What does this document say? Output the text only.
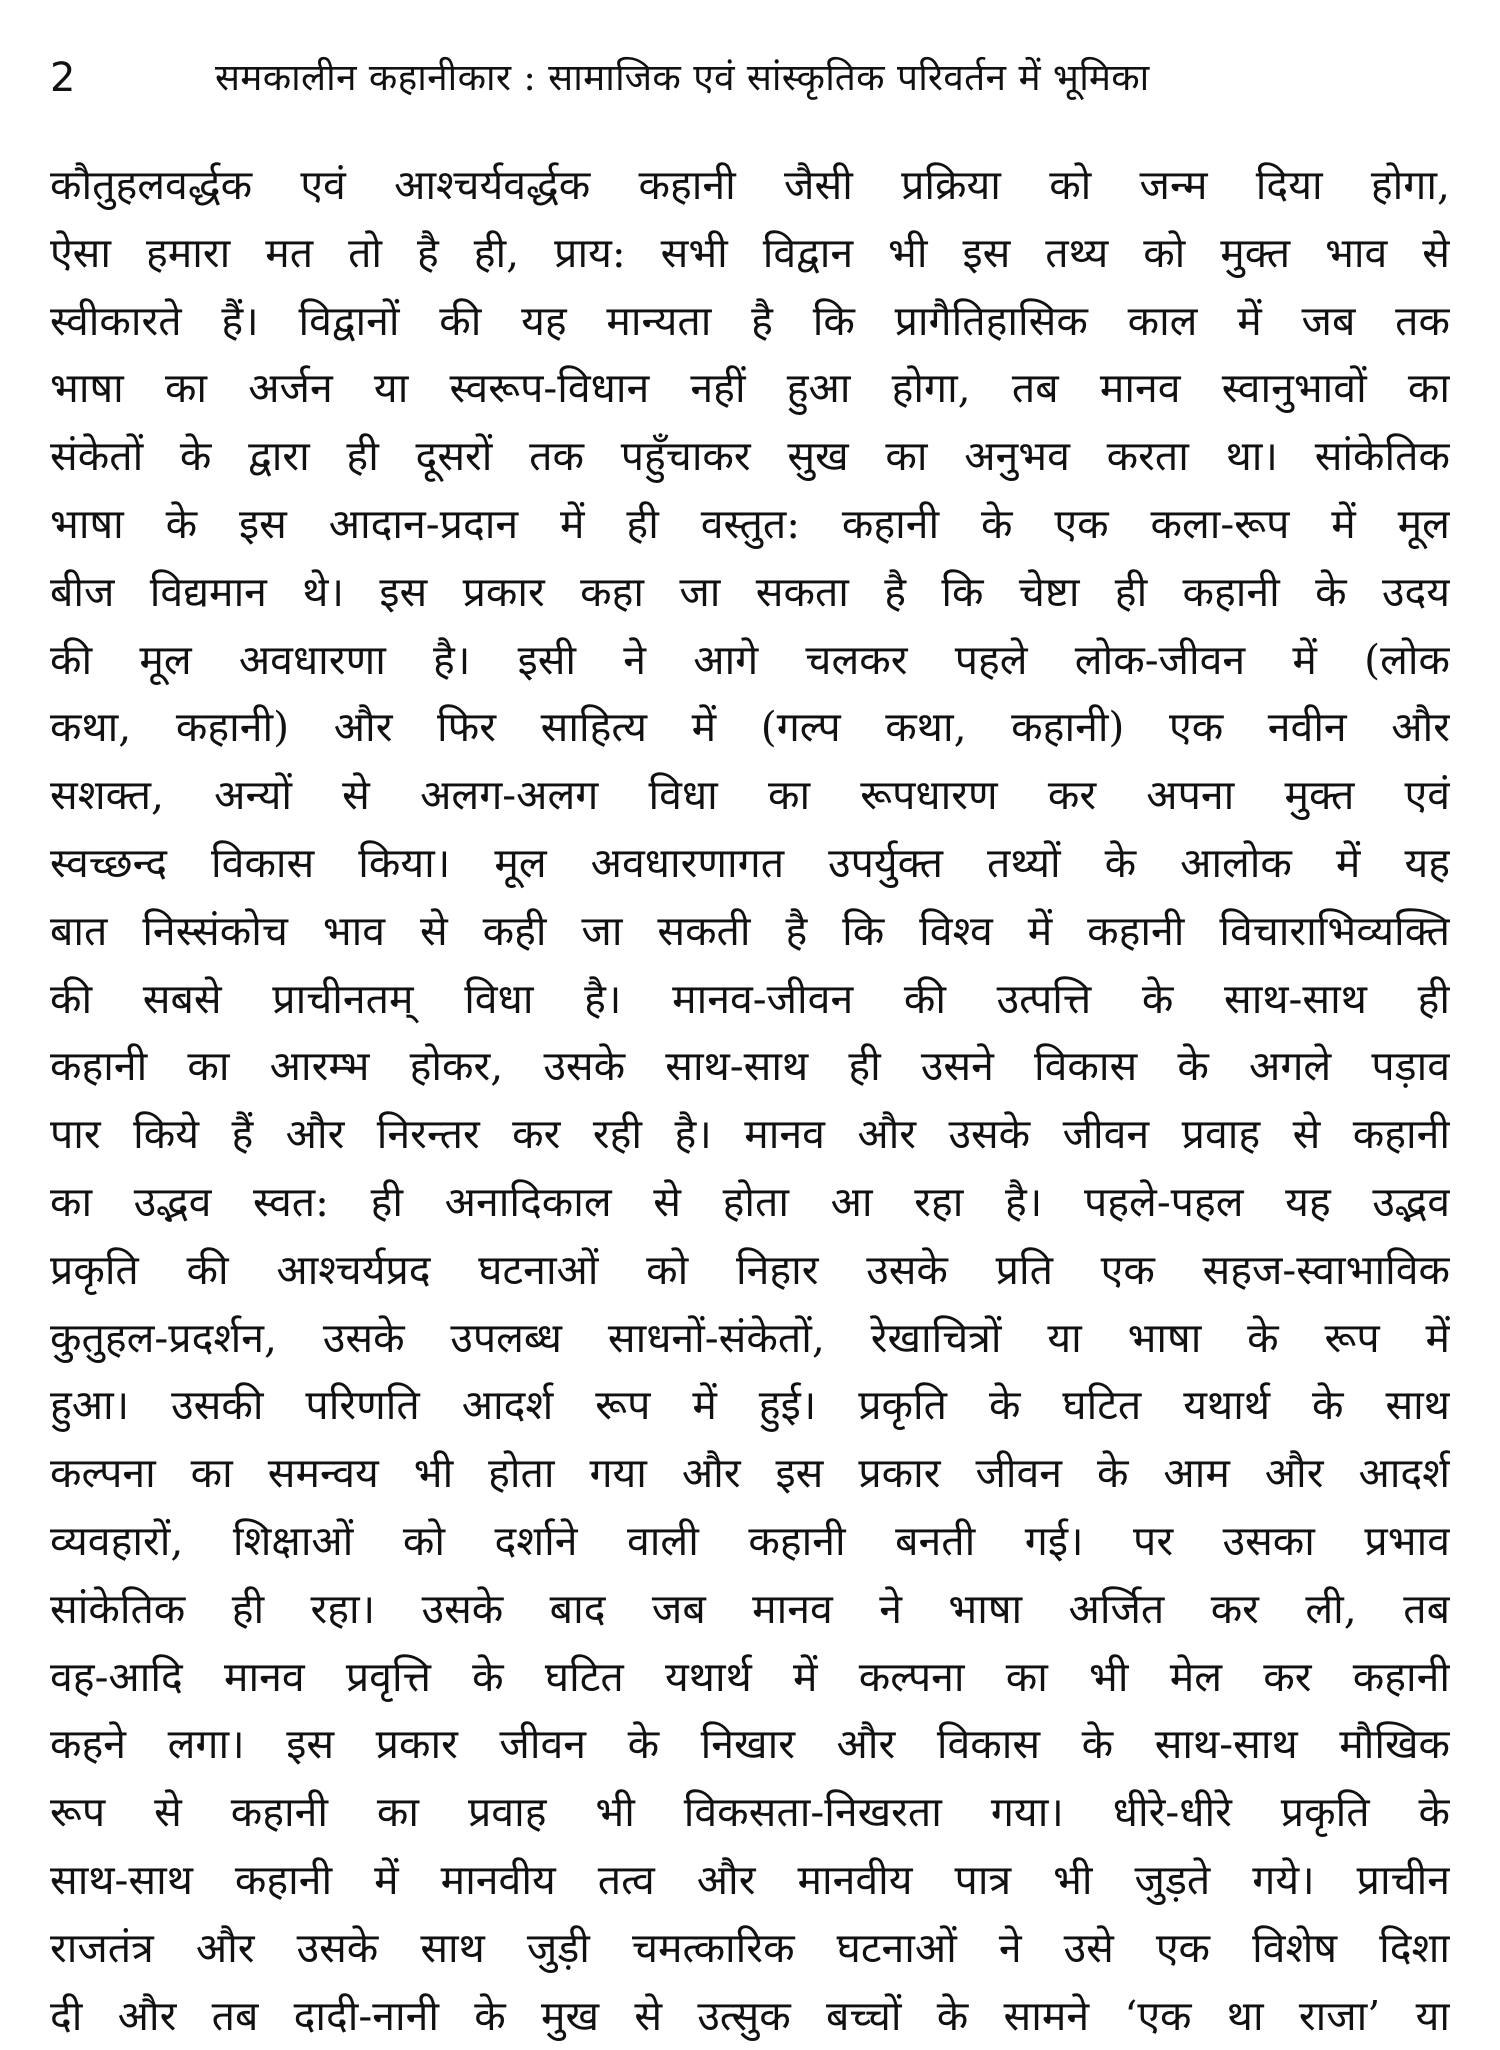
2	समकालीन कहानीकार : सामाजिक एवं सांस्कृतिक परिवर्तन में भूमिका
कौतुहलवर्द्धक एवं आश्चर्यवर्द्धक कहानी जैसी प्रक्रिया को जन्म दिया होगा,
ऐसा हमारा मत तो है ही, प्राय: सभी विद्वान भी इस तथ्य को मुक्त भाव से
स्वीकारते हैं। विद्वानों की यह मान्यता है कि प्रागैतिहासिक काल में जब तक
भाषा का अर्जन या स्वरूप-विधान नहीं हुआ होगा, तब मानव स्वानुभावों का
संकेतों के द्वारा ही दूसरों तक पहुँचाकर सुख का अनुभव करता था। सांकेतिक
भाषा के इस आदान-प्रदान में ही वस्तुत: कहानी के एक कला-रूप में मूल
बीज विद्यमान थे। इस प्रकार कहा जा सकता है कि चेष्टा ही कहानी के उदय
की मूल अवधारणा है। इसी ने आगे चलकर पहले लोक-जीवन में (लोक
कथा, कहानी) और फिर साहित्य में (गल्प कथा, कहानी) एक नवीन और
सशक्त, अन्यों से अलग-अलग विधा का रूपधारण कर अपना मुक्त एवं
स्वच्छन्द विकास किया। मूल अवधारणागत उपर्युक्त तथ्यों के आलोक में यह
बात निस्संकोच भाव से कही जा सकती है कि विश्व में कहानी विचाराभिव्यक्ति
की सबसे प्राचीनतम् विधा है। मानव-जीवन की उत्पत्ति के साथ-साथ ही
कहानी का आरम्भ होकर, उसके साथ-साथ ही उसने विकास के अगले पड़ाव
पार किये हैं और निरन्तर कर रही है। मानव और उसके जीवन प्रवाह से कहानी
का उद्भव स्वत: ही अनादिकाल से होता आ रहा है। पहले-पहल यह उद्भव
प्रकृति की आश्चर्यप्रद घटनाओं को निहार उसके प्रति एक सहज-स्वाभाविक
कुतुहल-प्रदर्शन, उसके उपलब्ध साधनों-संकेतों, रेखाचित्रों या भाषा के रूप में
हुआ। उसकी परिणति आदर्श रूप में हुई। प्रकृति के घटित यथार्थ के साथ
कल्पना का समन्वय भी होता गया और इस प्रकार जीवन के आम और आदर्श
व्यवहारों, शिक्षाओं को दर्शाने वाली कहानी बनती गई। पर उसका प्रभाव
सांकेतिक ही रहा। उसके बाद जब मानव ने भाषा अर्जित कर ली, तब
वह-आदि मानव प्रवृत्ति के घटित यथार्थ में कल्पना का भी मेल कर कहानी
कहने लगा। इस प्रकार जीवन के निखार और विकास के साथ-साथ मौखिक
रूप से कहानी का प्रवाह भी विकसता-निखरता गया। धीरे-धीरे प्रकृति के
साथ-साथ कहानी में मानवीय तत्व और मानवीय पात्र भी जुड़ते गये। प्राचीन
राजतंत्र और उसके साथ जुड़ी चमत्कारिक घटनाओं ने उसे एक विशेष दिशा
दी और तब दादी-नानी के मुख से उत्सुक बच्चों के सामने ‘एक था राजा’ या
